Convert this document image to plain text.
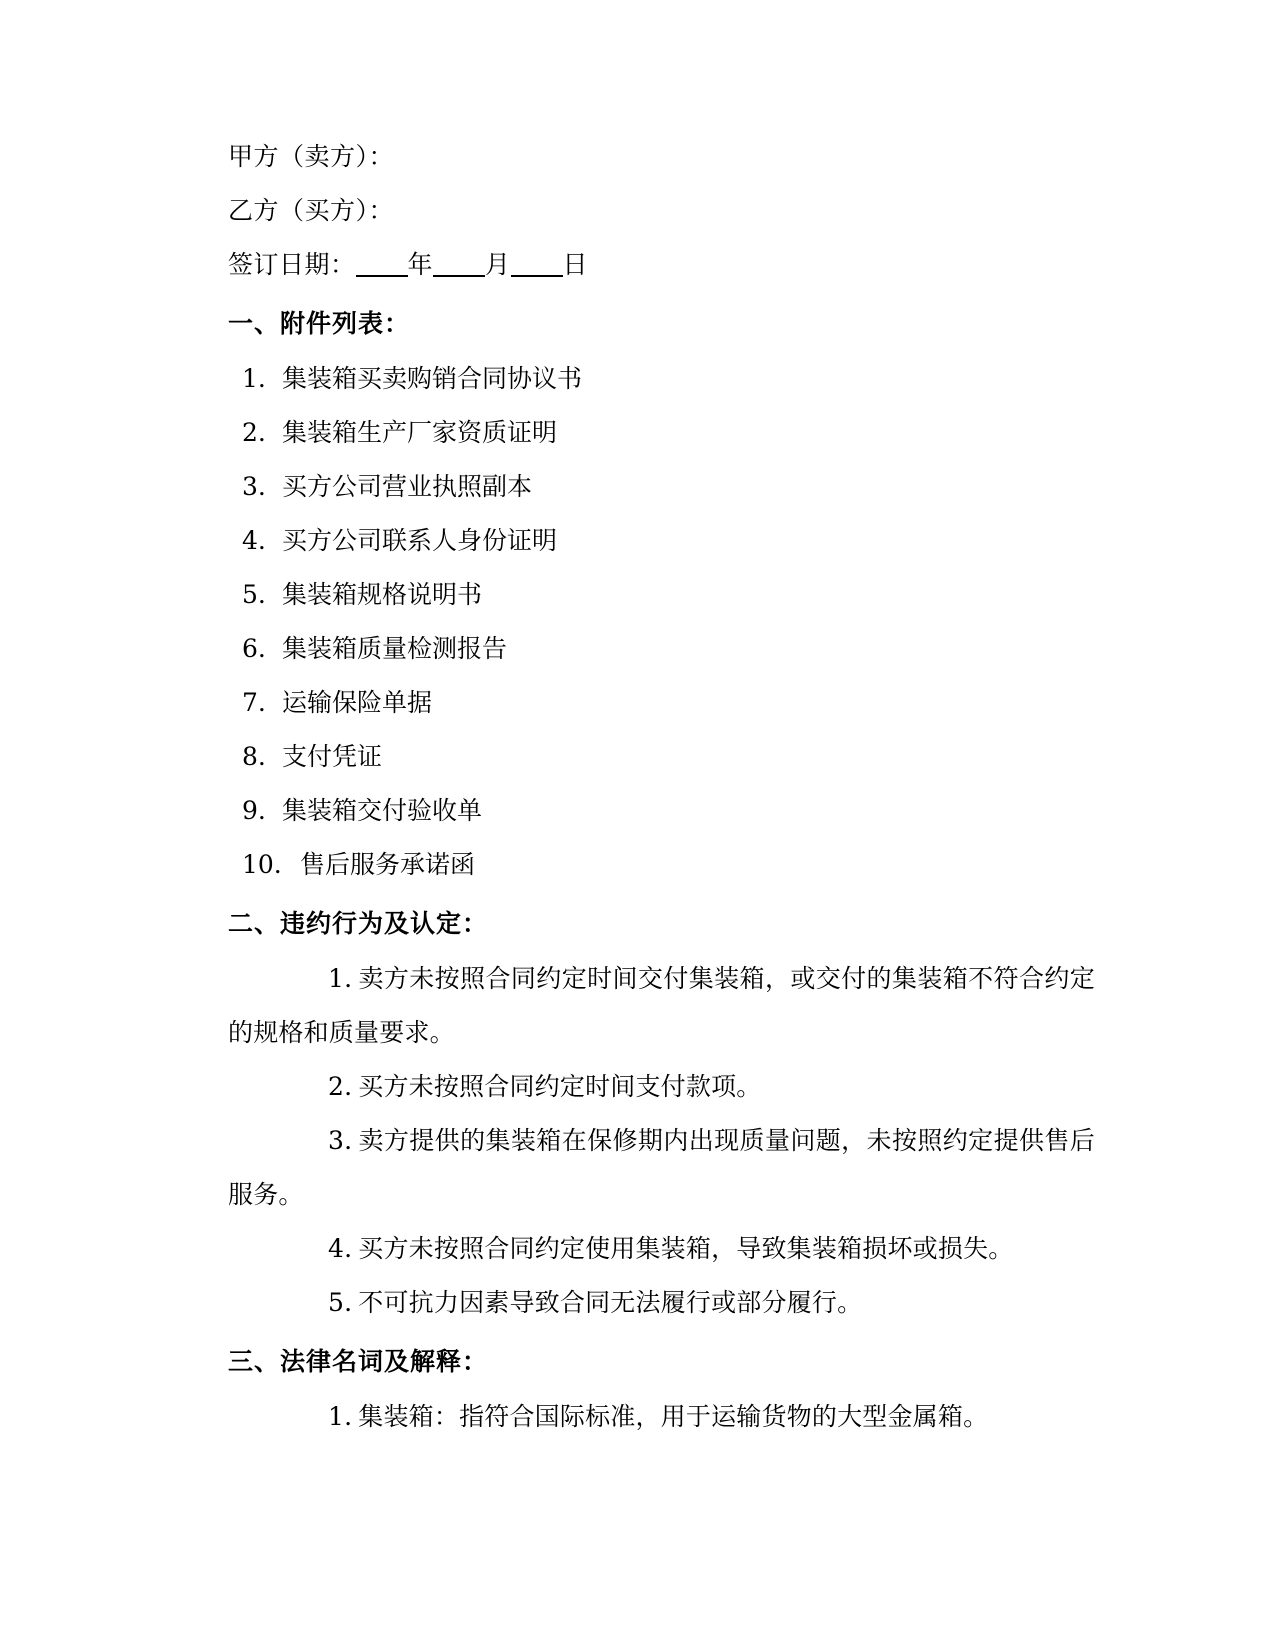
甲方（卖方）：
乙方（买方）：
签订日期： 年 月 日
一、附件列表：
1. 集装箱买卖购销合同协议书
2. 集装箱生产厂家资质证明
3. 买方公司营业执照副本
4. 买方公司联系人身份证明
5. 集装箱规格说明书
6. 集装箱质量检测报告
7. 运输保险单据
8. 支付凭证
9. 集装箱交付验收单
10. 售后服务承诺函
二、违约行为及认定：
1. 卖方未按照合同约定时间交付集装箱，或交付的集装箱不符合约定的规格和质量要求。
2. 买方未按照合同约定时间支付款项。
3. 卖方提供的集装箱在保修期内出现质量问题，未按照约定提供售后服务。
4. 买方未按照合同约定使用集装箱，导致集装箱损坏或损失。
5. 不可抗力因素导致合同无法履行或部分履行。
三、法律名词及解释：
1. 集装箱：指符合国际标准，用于运输货物的大型金属箱。
